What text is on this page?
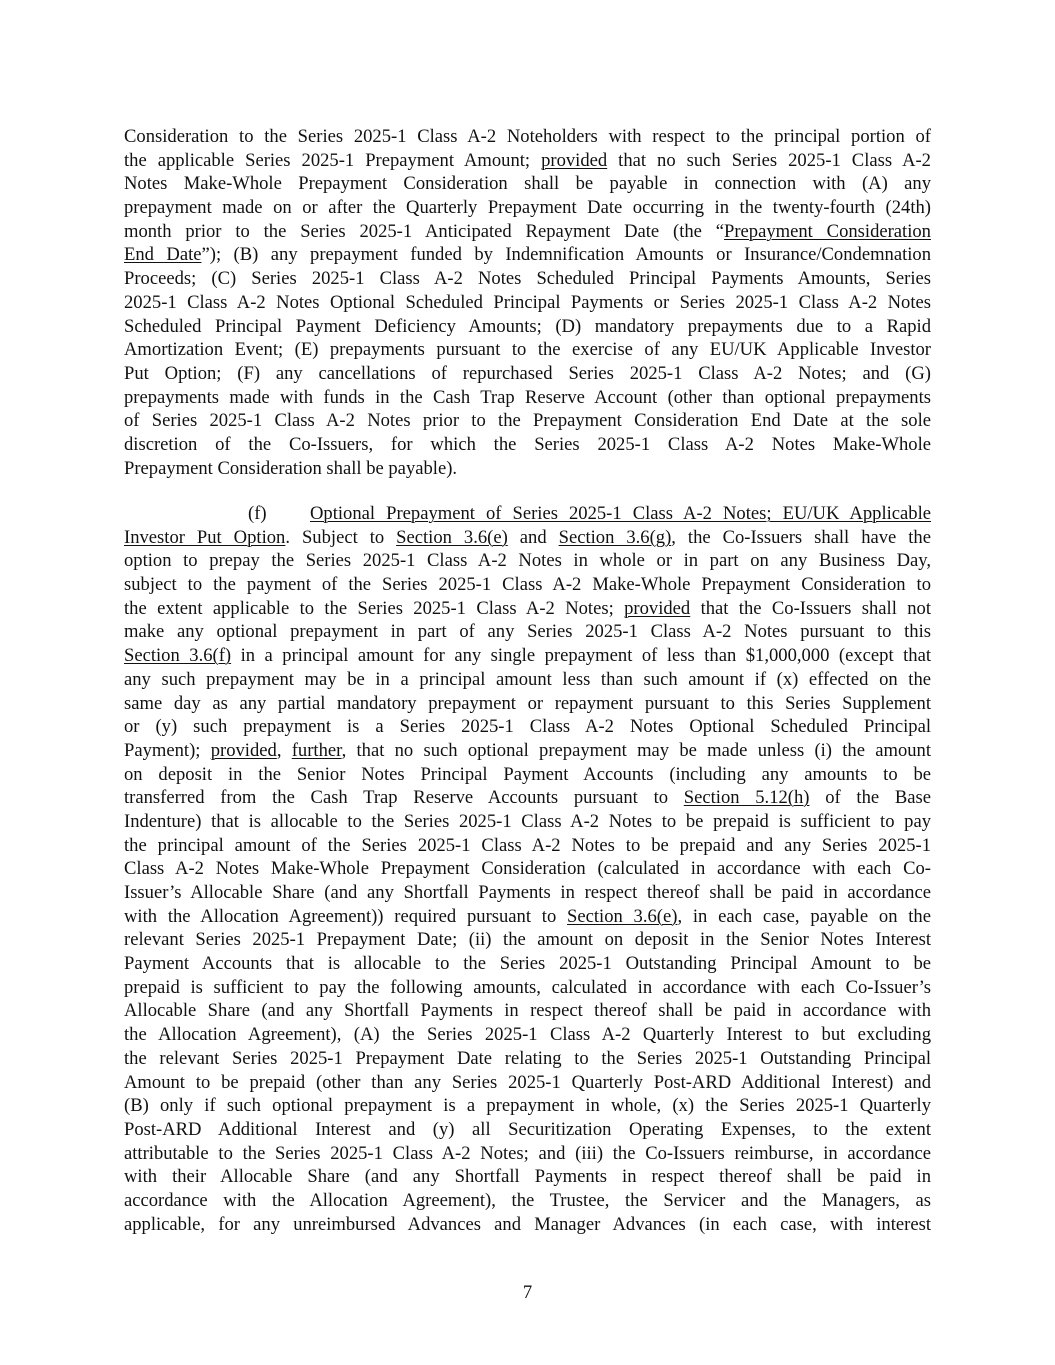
Consideration to the Series 2025-1 Class A-2 Noteholders with respect to the principal portion of
the applicable Series 2025-1 Prepayment Amount; provided that no such Series 2025-1 Class A-2
Notes Make-Whole Prepayment Consideration shall be payable in connection with (A) any
prepayment made on or after the Quarterly Prepayment Date occurring in the twenty-fourth (24th)
month prior to the Series 2025-1 Anticipated Repayment Date (the “Prepayment Consideration
End Date”); (B) any prepayment funded by Indemnification Amounts or Insurance/Condemnation
Proceeds; (C) Series 2025-1 Class A-2 Notes Scheduled Principal Payments Amounts, Series
2025-1 Class A-2 Notes Optional Scheduled Principal Payments or Series 2025-1 Class A-2 Notes
Scheduled Principal Payment Deficiency Amounts; (D) mandatory prepayments due to a Rapid
Amortization Event; (E) prepayments pursuant to the exercise of any EU/UK Applicable Investor
Put Option; (F) any cancellations of repurchased Series 2025-1 Class A-2 Notes; and (G)
prepayments made with funds in the Cash Trap Reserve Account (other than optional prepayments
of Series 2025-1 Class A-2 Notes prior to the Prepayment Consideration End Date at the sole
discretion of the Co-Issuers, for which the Series 2025-1 Class A-2 Notes Make-Whole
Prepayment Consideration shall be payable).
(f) Optional Prepayment of Series 2025-1 Class A-2 Notes; EU/UK Applicable
Investor Put Option. Subject to Section 3.6(e) and Section 3.6(g), the Co-Issuers shall have the
option to prepay the Series 2025-1 Class A-2 Notes in whole or in part on any Business Day,
subject to the payment of the Series 2025-1 Class A-2 Make-Whole Prepayment Consideration to
the extent applicable to the Series 2025-1 Class A-2 Notes; provided that the Co-Issuers shall not
make any optional prepayment in part of any Series 2025-1 Class A-2 Notes pursuant to this
Section 3.6(f) in a principal amount for any single prepayment of less than $1,000,000 (except that
any such prepayment may be in a principal amount less than such amount if (x) effected on the
same day as any partial mandatory prepayment or repayment pursuant to this Series Supplement
or (y) such prepayment is a Series 2025-1 Class A-2 Notes Optional Scheduled Principal
Payment); provided, further, that no such optional prepayment may be made unless (i) the amount
on deposit in the Senior Notes Principal Payment Accounts (including any amounts to be
transferred from the Cash Trap Reserve Accounts pursuant to Section 5.12(h) of the Base
Indenture) that is allocable to the Series 2025-1 Class A-2 Notes to be prepaid is sufficient to pay
the principal amount of the Series 2025-1 Class A-2 Notes to be prepaid and any Series 2025-1
Class A-2 Notes Make-Whole Prepayment Consideration (calculated in accordance with each Co-
Issuer’s Allocable Share (and any Shortfall Payments in respect thereof shall be paid in accordance
with the Allocation Agreement)) required pursuant to Section 3.6(e), in each case, payable on the
relevant Series 2025-1 Prepayment Date; (ii) the amount on deposit in the Senior Notes Interest
Payment Accounts that is allocable to the Series 2025-1 Outstanding Principal Amount to be
prepaid is sufficient to pay the following amounts, calculated in accordance with each Co-Issuer’s
Allocable Share (and any Shortfall Payments in respect thereof shall be paid in accordance with
the Allocation Agreement), (A) the Series 2025-1 Class A-2 Quarterly Interest to but excluding
the relevant Series 2025-1 Prepayment Date relating to the Series 2025-1 Outstanding Principal
Amount to be prepaid (other than any Series 2025-1 Quarterly Post-ARD Additional Interest) and
(B) only if such optional prepayment is a prepayment in whole, (x) the Series 2025-1 Quarterly
Post-ARD Additional Interest and (y) all Securitization Operating Expenses, to the extent
attributable to the Series 2025-1 Class A-2 Notes; and (iii) the Co-Issuers reimburse, in accordance
with their Allocable Share (and any Shortfall Payments in respect thereof shall be paid in
accordance with the Allocation Agreement), the Trustee, the Servicer and the Managers, as
applicable, for any unreimbursed Advances and Manager Advances (in each case, with interest
7
